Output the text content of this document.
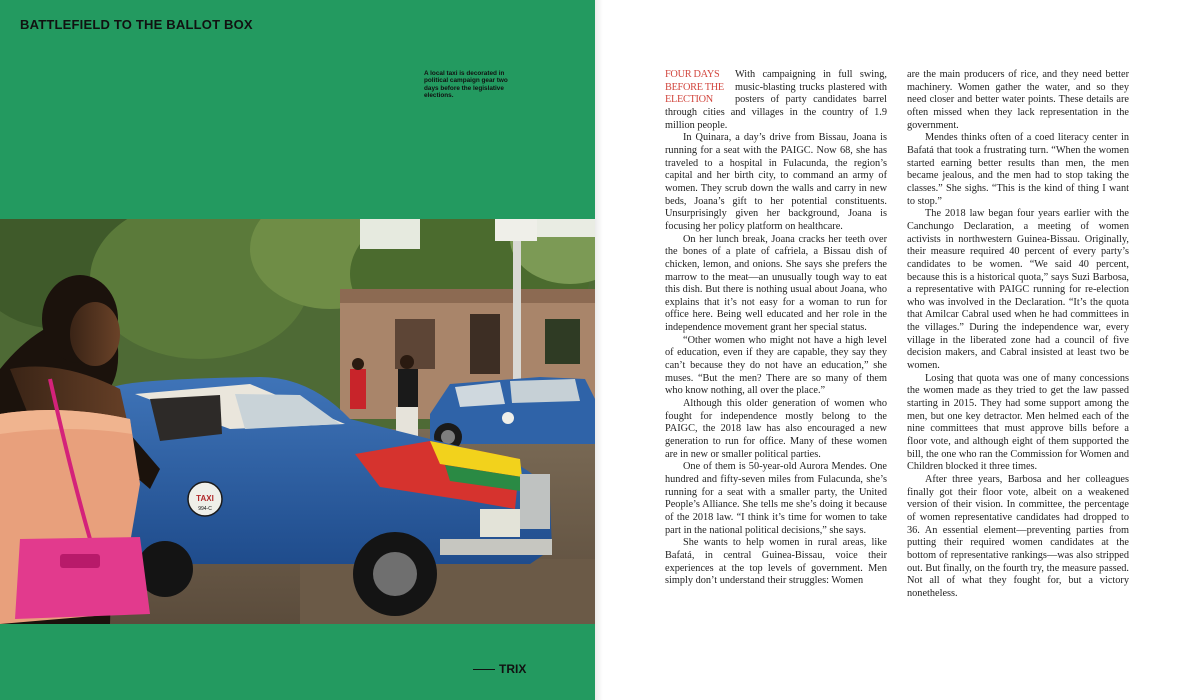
BATTLEFIELD TO THE BALLOT BOX
A local taxi is decorated in political campaign gear two days before the legislative elections.
TAXI
994-C
TRIX
FOUR DAYS
BEFORE THE
ELECTION

With campaigning in full swing, music-blasting trucks plastered with posters of party candidates barrel through cities and villages in the country of 1.9 million people.

In Quinara, a day’s drive from Bissau, Joana is running for a seat with the PAIGC. Now 68, she has traveled to a hospital in Fulacunda, the region’s capital and her birth city, to command an army of women. They scrub down the walls and carry in new beds, Joana’s gift to her potential constituents. Unsurprisingly given her background, Joana is focusing her policy platform on healthcare.

On her lunch break, Joana cracks her teeth over the bones of a plate of cafriela, a Bissau dish of chicken, lemon, and onions. She says she prefers the marrow to the meat—an unusually tough way to eat this dish. But there is nothing usual about Joana, who explains that it’s not easy for a woman to run for office here. Being well educated and her role in the independence movement grant her special status.

“Other women who might not have a high level of education, even if they are capable, they say they can’t because they do not have an education,” she muses. “But the men? There are so many of them who know nothing, all over the place.”

Although this older generation of women who fought for independence mostly belong to the PAIGC, the 2018 law has also encouraged a new generation to run for office. Many of these women are in new or smaller political parties.

One of them is 50-year-old Aurora Mendes. One hundred and fifty-seven miles from Fulacunda, she’s running for a seat with a smaller party, the United People’s Alliance. She tells me she’s doing it because of the 2018 law. “I think it’s time for women to take part in the national political decisions,” she says.

She wants to help women in rural areas, like Bafatá, in central Guinea-Bissau, voice their experiences at the top levels of government. Men simply don’t understand their struggles: Women

are the main producers of rice, and they need better machinery. Women gather the water, and so they need closer and better water points. These details are often missed when they lack representation in the government.

Mendes thinks often of a coed literacy center in Bafatá that took a frustrating turn. “When the women started earning better results than men, the men became jealous, and the men had to stop taking the classes.” She sighs. “This is the kind of thing I want to stop.”

The 2018 law began four years earlier with the Canchungo Declaration, a meeting of women activists in northwestern Guinea-Bissau. Originally, their measure required 40 percent of every party’s candidates to be women. “We said 40 percent, because this is a historical quota,” says Suzi Barbosa, a representative with PAIGC running for re-election who was involved in the Declaration. “It’s the quota that Amilcar Cabral used when he had committees in the villages.” During the independence war, every village in the liberated zone had a council of five decision makers, and Cabral insisted at least two be women.

Losing that quota was one of many concessions the women made as they tried to get the law passed starting in 2015. They had some support among the men, but one key detractor. Men helmed each of the nine committees that must approve bills before a floor vote, and although eight of them supported the bill, the one who ran the Commission for Women and Children blocked it three times.

After three years, Barbosa and her colleagues finally got their floor vote, albeit on a weakened version of their vision. In committee, the percentage of women representative candidates had dropped to 36. An essential element—preventing parties from putting their required women candidates at the bottom of representative rankings—was also stripped out. But finally, on the fourth try, the measure passed. Not all of what they fought for, but a victory nonetheless.
